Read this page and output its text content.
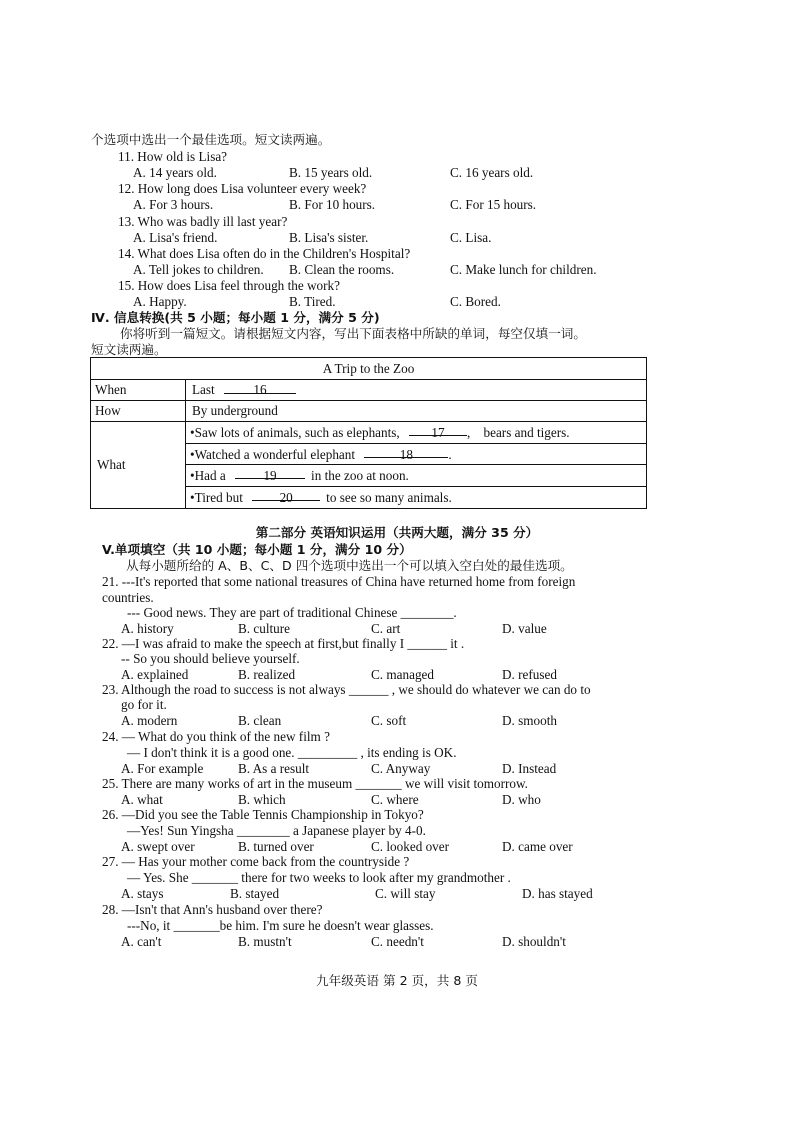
个选项中选出一个最佳选项。短文读两遍。
11. How old is Lisa?
A. 14 years old.	B. 15 years old.	C. 16 years old.
12. How long does Lisa volunteer every week?
A. For 3 hours.	B. For 10 hours.	C. For 15 hours.
13. Who was badly ill last year?
A. Lisa's friend.	B. Lisa's sister.	C. Lisa.
14. What does Lisa often do in the Children's Hospital?
A. Tell jokes to children. B. Clean the rooms.	C. Make lunch for children.
15. How does Lisa feel through the work?
A. Happy.	B. Tired.	C. Bored.
Ⅳ. 信息转换(共 5 小题；每小题 1 分，满分 5 分)
你将听到一篇短文。请根据短文内容，写出下面表格中所缺的单词，每空仅填一词。
短文读两遍。
A Trip to the Zoo
When	Last	16
How	By underground
What
•Saw lots of animals, such as elephants, 17 ,    bears and tigers.
•Watched a wonderful elephant	18	.
•Had a	19	in the zoo at noon.
•Tired but	20	to see so many animals.
第二部分 英语知识运用（共两大题，满分 35 分）
V.单项填空（共 10 小题；每小题 1 分，满分 10 分）
从每小题所给的 A、B、C、D 四个选项中选出一个可以填入空白处的最佳选项。
21. ---It's reported that some national treasures of China have returned home from foreign
countries.
--- Good news. They are part of traditional Chinese ________.
A. history	B. culture	C. art	D. value
22. —I was afraid to make the speech at first,but finally I ______ it .
-- So you should believe yourself.
A. explained	B. realized	C. managed	D. refused
23. Although the road to success is not always ______ , we should do whatever we can do to
go for it.
A. modern	B. clean	C. soft	D. smooth
24. — What do you think of the new film ?
— I don't think it is a good one. _________ , its ending is OK.
A. For example	B. As a result	C. Anyway	D. Instead
25. There are many works of art in the museum _______ we will visit tomorrow.
A. what	B. which	C. where	D. who
26. —Did you see the Table Tennis Championship in Tokyo?
—Yes! Sun Yingsha ________ a Japanese player by 4-0.
A. swept over	B. turned over	C. looked over	D. came over
27. — Has your mother come back from the countryside ?
— Yes. She _______ there for two weeks to look after my grandmother .
A. stays	B. stayed	C. will stay	D. has stayed
28. —Isn't that Ann's husband over there?
---No, it _______be him. I'm sure he doesn't wear glasses.
A. can't	B. mustn't	C. needn't	D. shouldn't
九年级英语 第 2 页，共 8 页
